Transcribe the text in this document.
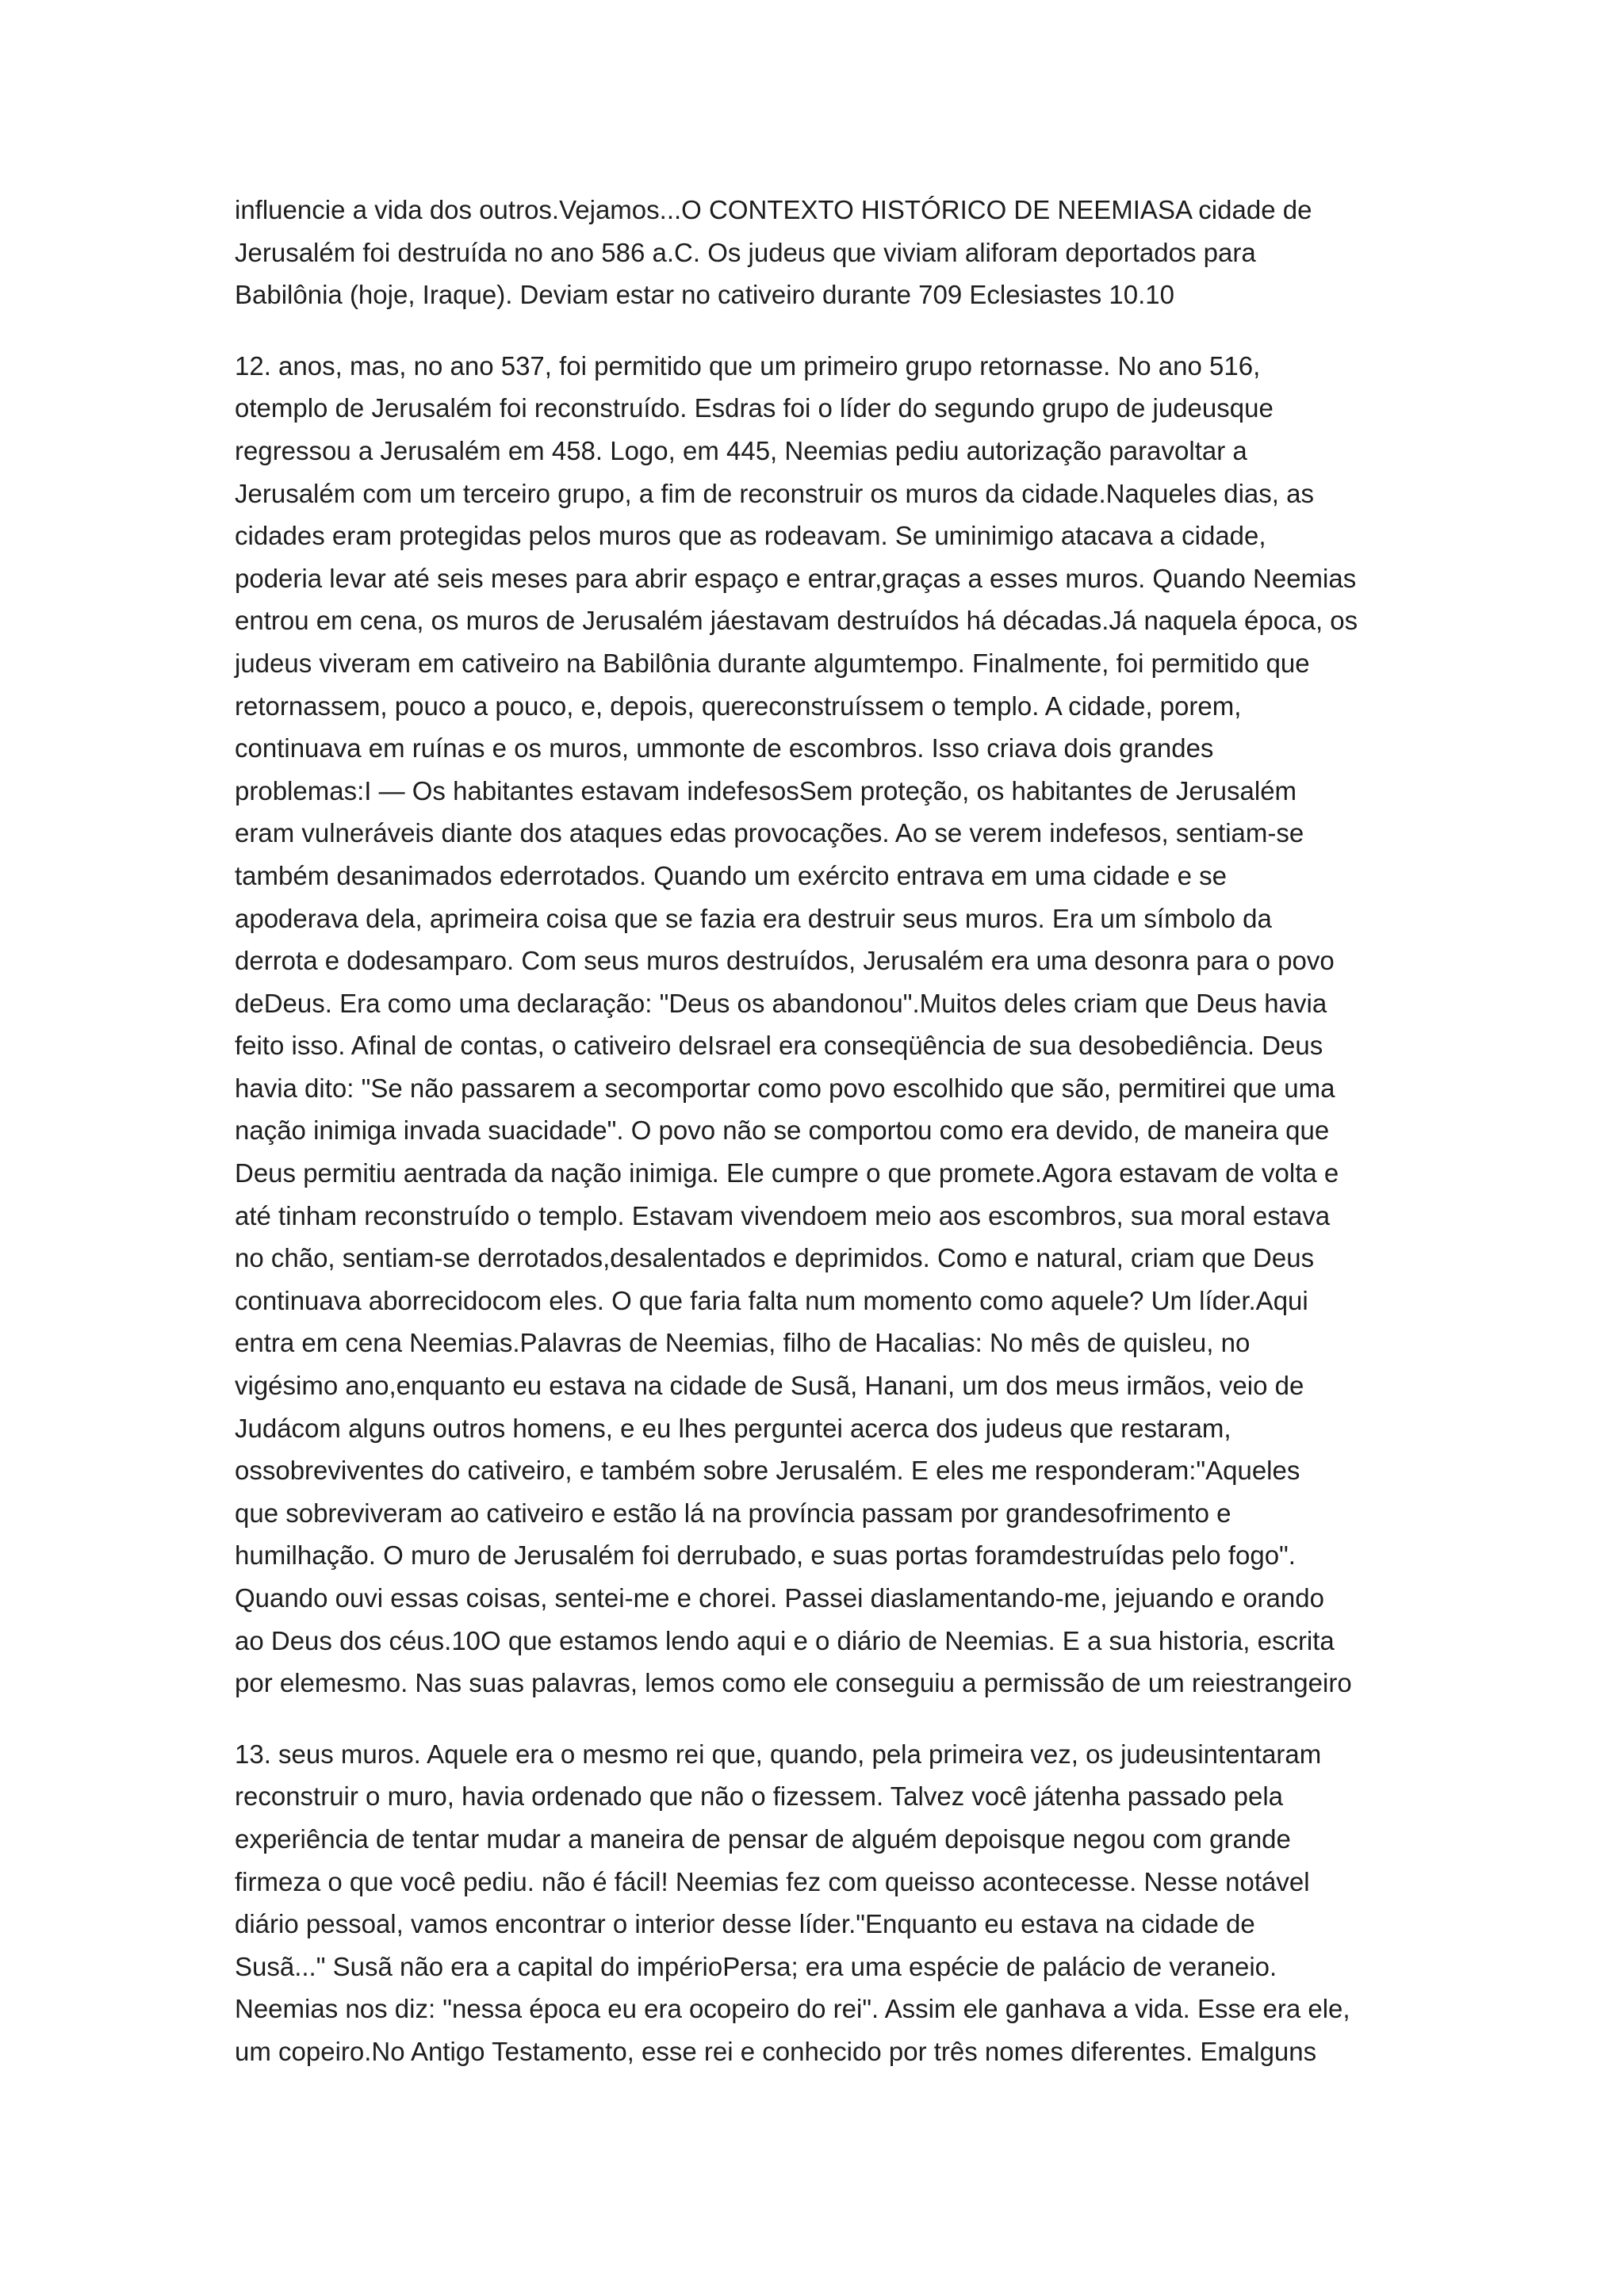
influencie a vida dos outros.Vejamos...O CONTEXTO HISTÓRICO DE NEEMIASA cidade de
Jerusalém foi destruída no ano 586 a.C. Os judeus que viviam aliforam deportados para
Babilônia (hoje, Iraque). Deviam estar no cativeiro durante 709 Eclesiastes 10.10
12. anos, mas, no ano 537, foi permitido que um primeiro grupo retornasse. No ano 516,
otemplo de Jerusalém foi reconstruído. Esdras foi o líder do segundo grupo de judeusque
regressou a Jerusalém em 458. Logo, em 445, Neemias pediu autorização paravoltar a
Jerusalém com um terceiro grupo, a fim de reconstruir os muros da cidade.Naqueles dias, as
cidades eram protegidas pelos muros que as rodeavam. Se uminimigo atacava a cidade,
poderia levar até seis meses para abrir espaço e entrar,graças a esses muros. Quando Neemias
entrou em cena, os muros de Jerusalém jáestavam destruídos há décadas.Já naquela época, os
judeus viveram em cativeiro na Babilônia durante algumtempo. Finalmente, foi permitido que
retornassem, pouco a pouco, e, depois, quereconstruíssem o templo. A cidade, porem,
continuava em ruínas e os muros, ummonte de escombros. Isso criava dois grandes
problemas:I — Os habitantes estavam indefesosSem proteção, os habitantes de Jerusalém
eram vulneráveis diante dos ataques edas provocações. Ao se verem indefesos, sentiam-se
também desanimados ederrotados. Quando um exército entrava em uma cidade e se
apoderava dela, aprimeira coisa que se fazia era destruir seus muros. Era um símbolo da
derrota e dodesamparo. Com seus muros destruídos, Jerusalém era uma desonra para o povo
deDeus. Era como uma declaração: "Deus os abandonou".Muitos deles criam que Deus havia
feito isso. Afinal de contas, o cativeiro deIsrael era conseqüência de sua desobediência. Deus
havia dito: "Se não passarem a secomportar como povo escolhido que são, permitirei que uma
nação inimiga invada suacidade". O povo não se comportou como era devido, de maneira que
Deus permitiu aentrada da nação inimiga. Ele cumpre o que promete.Agora estavam de volta e
até tinham reconstruído o templo. Estavam vivendoem meio aos escombros, sua moral estava
no chão, sentiam-se derrotados,desalentados e deprimidos. Como e natural, criam que Deus
continuava aborrecidocom eles. O que faria falta num momento como aquele? Um líder.Aqui
entra em cena Neemias.Palavras de Neemias, filho de Hacalias: No mês de quisleu, no
vigésimo ano,enquanto eu estava na cidade de Susã, Hanani, um dos meus irmãos, veio de
Judácom alguns outros homens, e eu lhes perguntei acerca dos judeus que restaram,
ossobreviventes do cativeiro, e também sobre Jerusalém. E eles me responderam:"Aqueles
que sobreviveram ao cativeiro e estão lá na província passam por grandesofrimento e
humilhação. O muro de Jerusalém foi derrubado, e suas portas foramdestruídas pelo fogo".
Quando ouvi essas coisas, sentei-me e chorei. Passei diaslamentando-me, jejuando e orando
ao Deus dos céus.10O que estamos lendo aqui e o diário de Neemias. E a sua historia, escrita
por elemesmo. Nas suas palavras, lemos como ele conseguiu a permissão de um reiestrangeiro
13. seus muros. Aquele era o mesmo rei que, quando, pela primeira vez, os judeusintentaram
reconstruir o muro, havia ordenado que não o fizessem. Talvez você játenha passado pela
experiência de tentar mudar a maneira de pensar de alguém depoisque negou com grande
firmeza o que você pediu. não é fácil! Neemias fez com queisso acontecesse. Nesse notável
diário pessoal, vamos encontrar o interior desse líder."Enquanto eu estava na cidade de
Susã..." Susã não era a capital do impérioPersa; era uma espécie de palácio de veraneio.
Neemias nos diz: "nessa época eu era ocopeiro do rei". Assim ele ganhava a vida. Esse era ele,
um copeiro.No Antigo Testamento, esse rei e conhecido por três nomes diferentes. Emalguns
